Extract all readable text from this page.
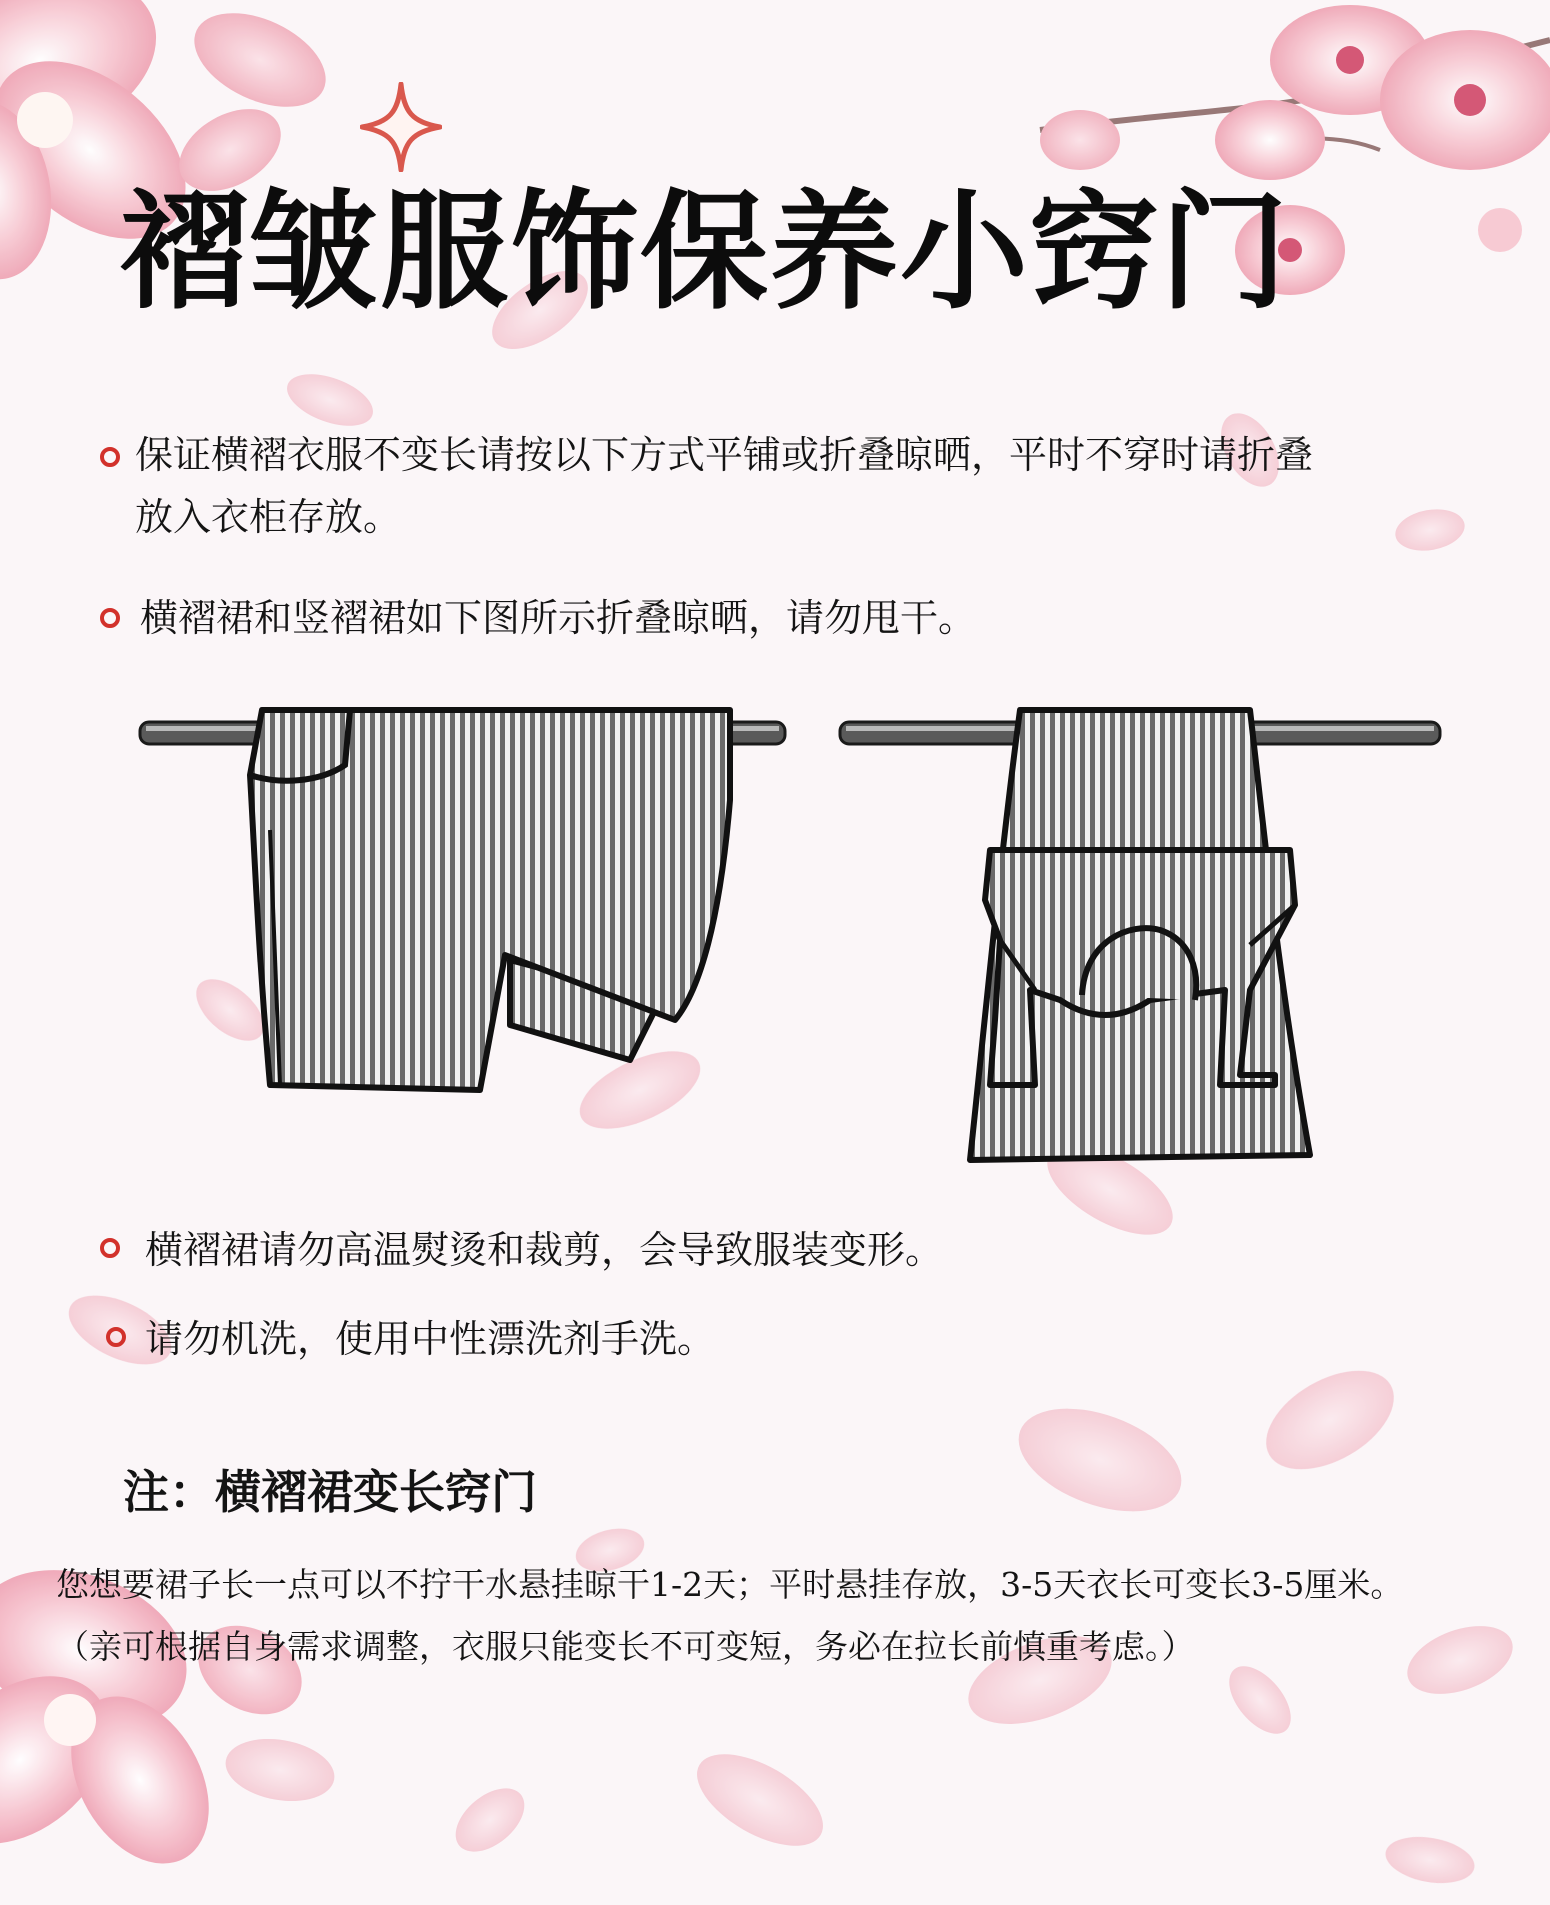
褶皱服饰保养小窍门
保证横褶衣服不变长请按以下方式平铺或折叠晾晒，平时不穿时请折叠
放入衣柜存放。
横褶裙和竖褶裙如下图所示折叠晾晒，请勿甩干。
横褶裙请勿高温熨烫和裁剪，会导致服装变形。
请勿机洗，使用中性漂洗剂手洗。
注：横褶裙变长窍门
您想要裙子长一点可以不拧干水悬挂晾干1-2天；平时悬挂存放，3-5天衣长可变长3-5厘米。
（亲可根据自身需求调整，衣服只能变长不可变短，务必在拉长前慎重考虑。）
